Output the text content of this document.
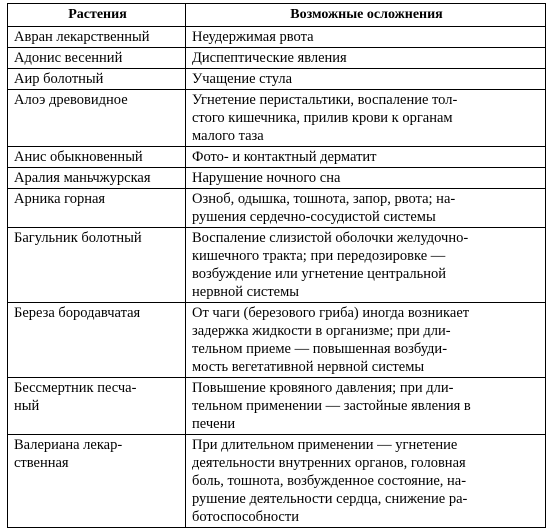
Растения	Возможные осложнения

Авран лекарственный	Неудержимая рвота

Адонис весенний	Диспептические явления

Аир болотный	Учащение стула

Алоэ древовидное	Угнетение перистальтики, воспаление тол-
стого кишечника, прилив крови к органам
малого таза

Анис обыкновенный	Фото- и контактный дерматит

Аралия маньчжурская	Нарушение ночного сна

Арника горная	Озноб, одышка, тошнота, запор, рвота; на-
рушения сердечно-сосудистой системы

Багульник болотный	Воспаление слизистой оболочки желудочно-
кишечного тракта; при передозировке —
возбуждение или угнетение центральной
нервной системы

Береза бородавчатая	От чаги (березового гриба) иногда возникает
задержка жидкости в организме; при дли-
тельном приеме — повышенная возбуди-
мость вегетативной нервной системы

Бессмертник песча-
ный	Повышение кровяного давления; при дли-
тельном применении — застойные явления в
печени

Валериана лекар-
ственная	При длительном применении — угнетение
деятельности внутренних органов, головная
боль, тошнота, возбужденное состояние, на-
рушение деятельности сердца, снижение ра-
ботоспособности
